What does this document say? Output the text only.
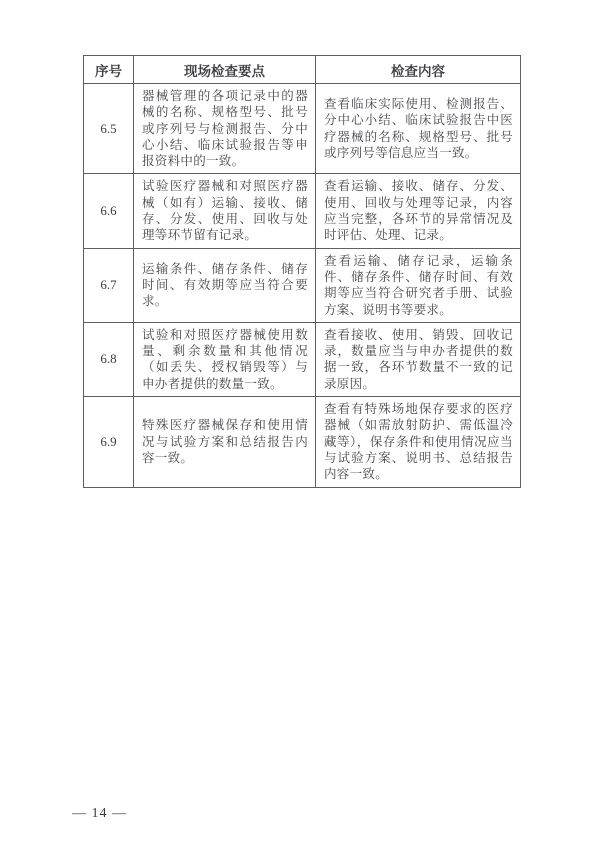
序号	现场检查要点	检查内容
6.5	器械管理的各项记录中的器械的名称、规格型号、批号或序列号与检测报告、分中心小结、临床试验报告等申报资料中的一致。	查看临床实际使用、检测报告、分中心小结、临床试验报告中医疗器械的名称、规格型号、批号或序列号等信息应当一致。
6.6	试验医疗器械和对照医疗器械（如有）运输、接收、储存、分发、使用、回收与处理等环节留有记录。	查看运输、接收、储存、分发、使用、回收与处理等记录，内容应当完整，各环节的异常情况及时评估、处理、记录。
6.7	运输条件、储存条件、储存时间、有效期等应当符合要求。	查看运输、储存记录，运输条件、储存条件、储存时间、有效期等应当符合研究者手册、试验方案、说明书等要求。
6.8	试验和对照医疗器械使用数量、剩余数量和其他情况（如丢失、授权销毁等）与申办者提供的数量一致。	查看接收、使用、销毁、回收记录，数量应当与申办者提供的数据一致，各环节数量不一致的记录原因。
6.9	特殊医疗器械保存和使用情况与试验方案和总结报告内容一致。	查看有特殊场地保存要求的医疗器械（如需放射防护、需低温冷藏等），保存条件和使用情况应当与试验方案、说明书、总结报告内容一致。
— 14 —
